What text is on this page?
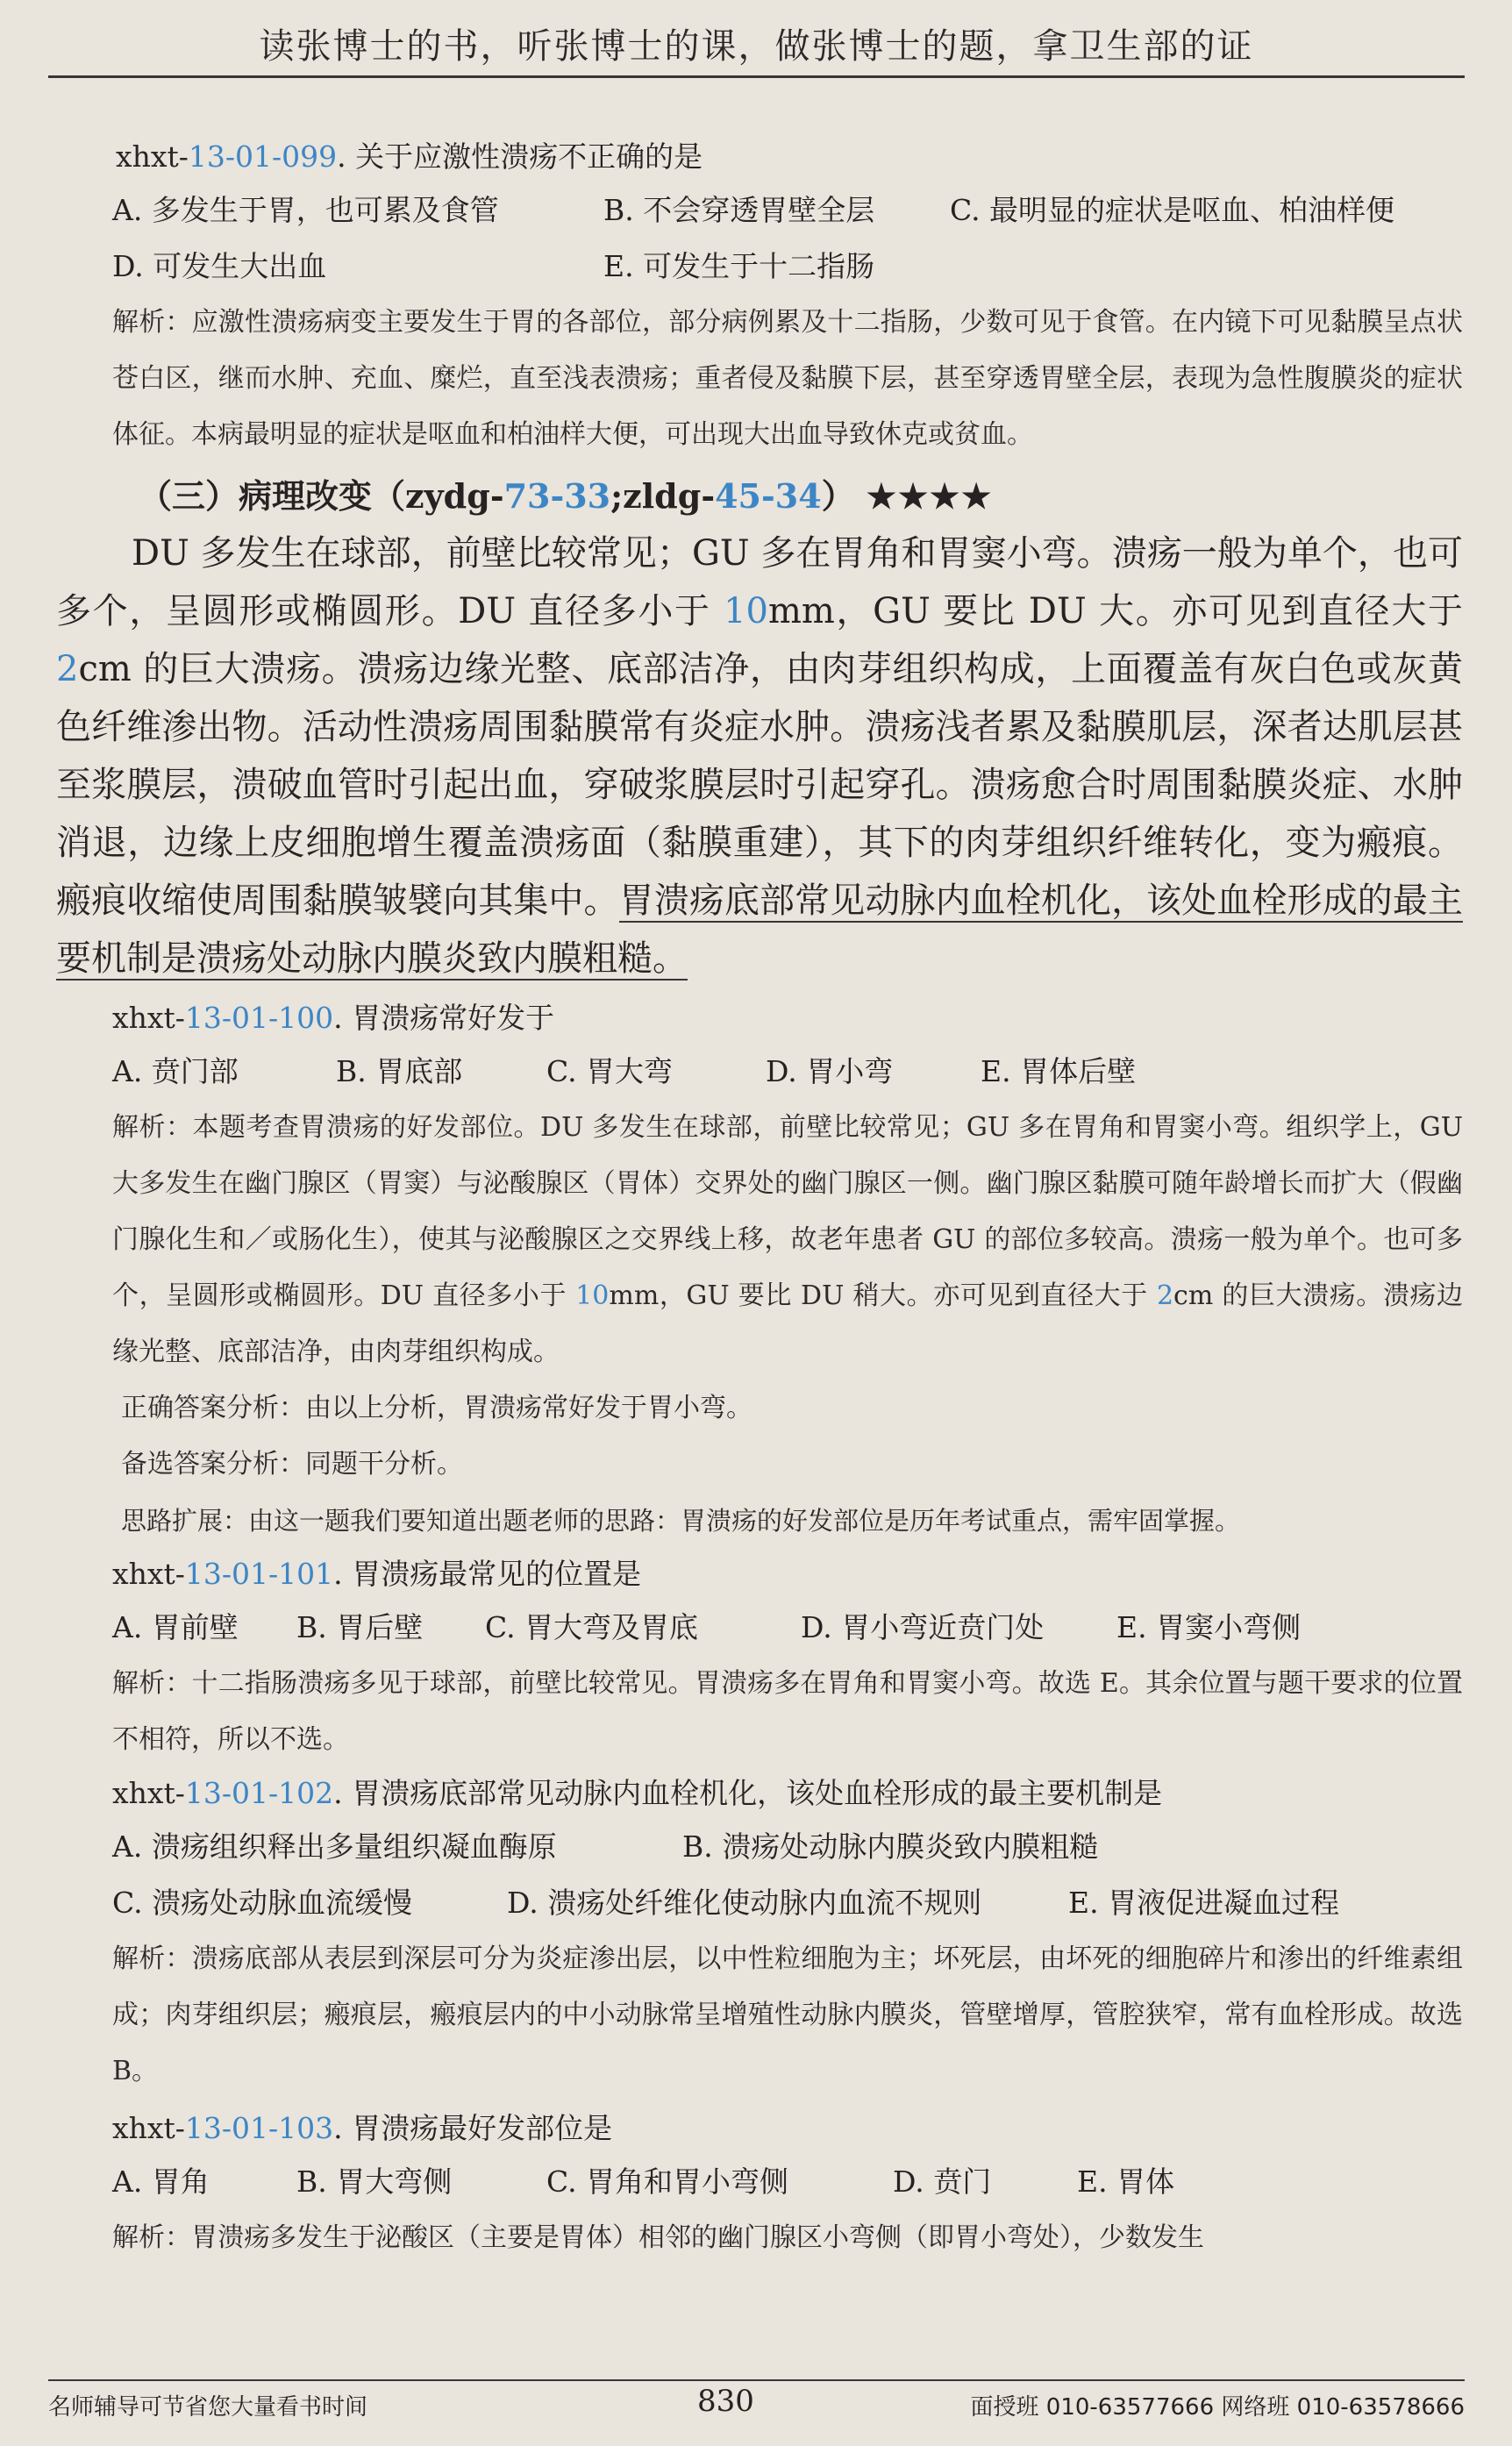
读张博士的书，听张博士的课，做张博士的题，拿卫生部的证
xhxt-13-01-099. 关于应激性溃疡不正确的是
A. 多发生于胃，也可累及食管	B. 不会穿透胃壁全层	C. 最明显的症状是呕血、柏油样便
D. 可发生大出血	E. 可发生于十二指肠
解析：应激性溃疡病变主要发生于胃的各部位，部分病例累及十二指肠，少数可见于食管。在内镜下可见黏膜呈点状苍白区，继而水肿、充血、糜烂，直至浅表溃疡；重者侵及黏膜下层，甚至穿透胃壁全层，表现为急性腹膜炎的症状体征。本病最明显的症状是呕血和柏油样大便，可出现大出血导致休克或贫血。
（三）病理改变（zydg-73-33;zldg-45-34） ★★★★
DU 多发生在球部，前壁比较常见；GU 多在胃角和胃窦小弯。溃疡一般为单个，也可多个，呈圆形或椭圆形。DU 直径多小于 10mm，GU 要比 DU 大。亦可见到直径大于 2cm 的巨大溃疡。溃疡边缘光整、底部洁净，由肉芽组织构成，上面覆盖有灰白色或灰黄色纤维渗出物。活动性溃疡周围黏膜常有炎症水肿。溃疡浅者累及黏膜肌层，深者达肌层甚至浆膜层，溃破血管时引起出血，穿破浆膜层时引起穿孔。溃疡愈合时周围黏膜炎症、水肿消退，边缘上皮细胞增生覆盖溃疡面（黏膜重建），其下的肉芽组织纤维转化，变为瘢痕。瘢痕收缩使周围黏膜皱襞向其集中。胃溃疡底部常见动脉内血栓机化，该处血栓形成的最主要机制是溃疡处动脉内膜炎致内膜粗糙。
xhxt-13-01-100. 胃溃疡常好发于
A. 贲门部	B. 胃底部	C. 胃大弯	D. 胃小弯	E. 胃体后壁
解析：本题考查胃溃疡的好发部位。DU 多发生在球部，前壁比较常见；GU 多在胃角和胃窦小弯。组织学上，GU 大多发生在幽门腺区（胃窦）与泌酸腺区（胃体）交界处的幽门腺区一侧。幽门腺区黏膜可随年龄增长而扩大（假幽门腺化生和／或肠化生），使其与泌酸腺区之交界线上移，故老年患者 GU 的部位多较高。溃疡一般为单个。也可多个，呈圆形或椭圆形。DU 直径多小于 10mm，GU 要比 DU 稍大。亦可见到直径大于 2cm 的巨大溃疡。溃疡边缘光整、底部洁净，由肉芽组织构成。
正确答案分析：由以上分析，胃溃疡常好发于胃小弯。
备选答案分析：同题干分析。
思路扩展：由这一题我们要知道出题老师的思路：胃溃疡的好发部位是历年考试重点，需牢固掌握。
xhxt-13-01-101. 胃溃疡最常见的位置是
A. 胃前壁 B. 胃后壁 C. 胃大弯及胃底	D. 胃小弯近贲门处	E. 胃窦小弯侧
解析：十二指肠溃疡多见于球部，前壁比较常见。胃溃疡多在胃角和胃窦小弯。故选 E。其余位置与题干要求的位置不相符，所以不选。
xhxt-13-01-102. 胃溃疡底部常见动脉内血栓机化，该处血栓形成的最主要机制是
A. 溃疡组织释出多量组织凝血酶原	B. 溃疡处动脉内膜炎致内膜粗糙
C. 溃疡处动脉血流缓慢	D. 溃疡处纤维化使动脉内血流不规则	E. 胃液促进凝血过程
解析：溃疡底部从表层到深层可分为炎症渗出层，以中性粒细胞为主；坏死层，由坏死的细胞碎片和渗出的纤维素组成；肉芽组织层；瘢痕层，瘢痕层内的中小动脉常呈增殖性动脉内膜炎，管壁增厚，管腔狭窄，常有血栓形成。故选 B。
xhxt-13-01-103. 胃溃疡最好发部位是
A. 胃角	B. 胃大弯侧	C. 胃角和胃小弯侧	D. 贲门	E. 胃体
解析：胃溃疡多发生于泌酸区（主要是胃体）相邻的幽门腺区小弯侧（即胃小弯处），少数发生
名师辅导可节省您大量看书时间	830	面授班 010-63577666 网络班 010-63578666
